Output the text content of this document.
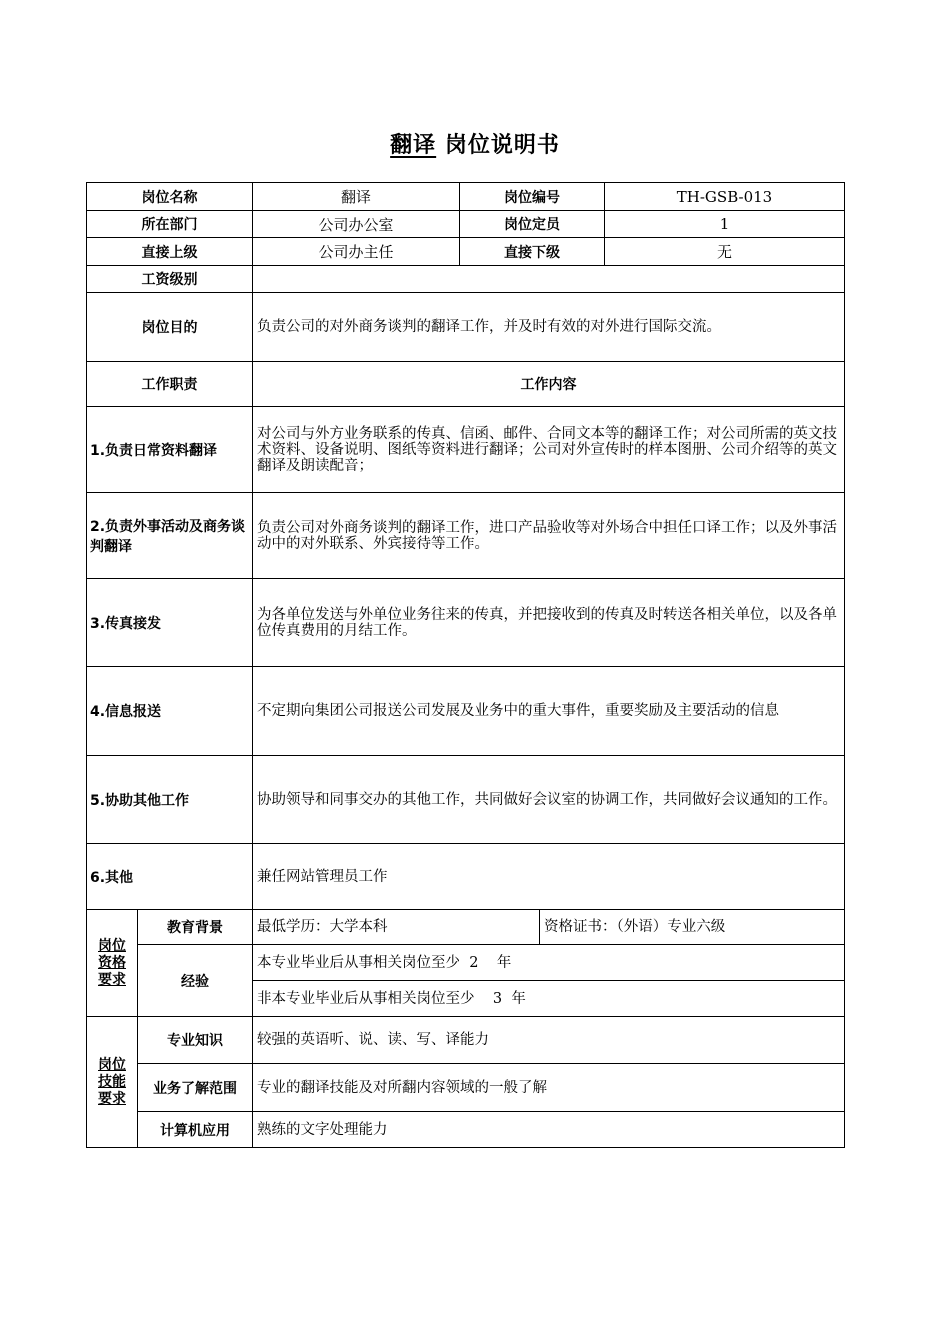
翻译 岗位说明书
岗位名称		翻译	岗位编号		TH-GSB-013
所在部门		公司办公室	岗位定员		1
直接上级		公司办主任	直接下级		无
工资级别					
岗位目的		负责公司的对外商务谈判的翻译工作，并及时有效的对外进行国际交流。			
工作职责		工作内容			
1.负责日常资料翻译		对公司与外方业务联系的传真、信函、邮件、合同文本等的翻译工作；对公司所需的英文技术资料、设备说明、图纸等资料进行翻译；公司对外宣传时的样本图册、公司介绍等的英文翻译及朗读配音；			
2.负责外事活动及商务谈判翻译		负责公司对外商务谈判的翻译工作，进口产品验收等对外场合中担任口译工作；以及外事活动中的对外联系、外宾接待等工作。			
3.传真接发		为各单位发送与外单位业务往来的传真，并把接收到的传真及时转送各相关单位，以及各单位传真费用的月结工作。			
4.信息报送		不定期向集团公司报送公司发展及业务中的重大事件，重要奖励及主要活动的信息			
5.协助其他工作		协助领导和同事交办的其他工作，共同做好会议室的协调工作，共同做好会议通知的工作。			
6.其他		兼任网站管理员工作			
岗位资格要求	教育背景	最低学历：大学本科		资格证书：（外语）专业六级	
	经验	本专业毕业后从事相关岗位至少  2    年			
		非本专业毕业后从事相关岗位至少    3  年			
岗位技能要求	专业知识	较强的英语听、说、读、写、译能力			
	业务了解范围	专业的翻译技能及对所翻内容领域的一般了解			
	计算机应用	熟练的文字处理能力			
